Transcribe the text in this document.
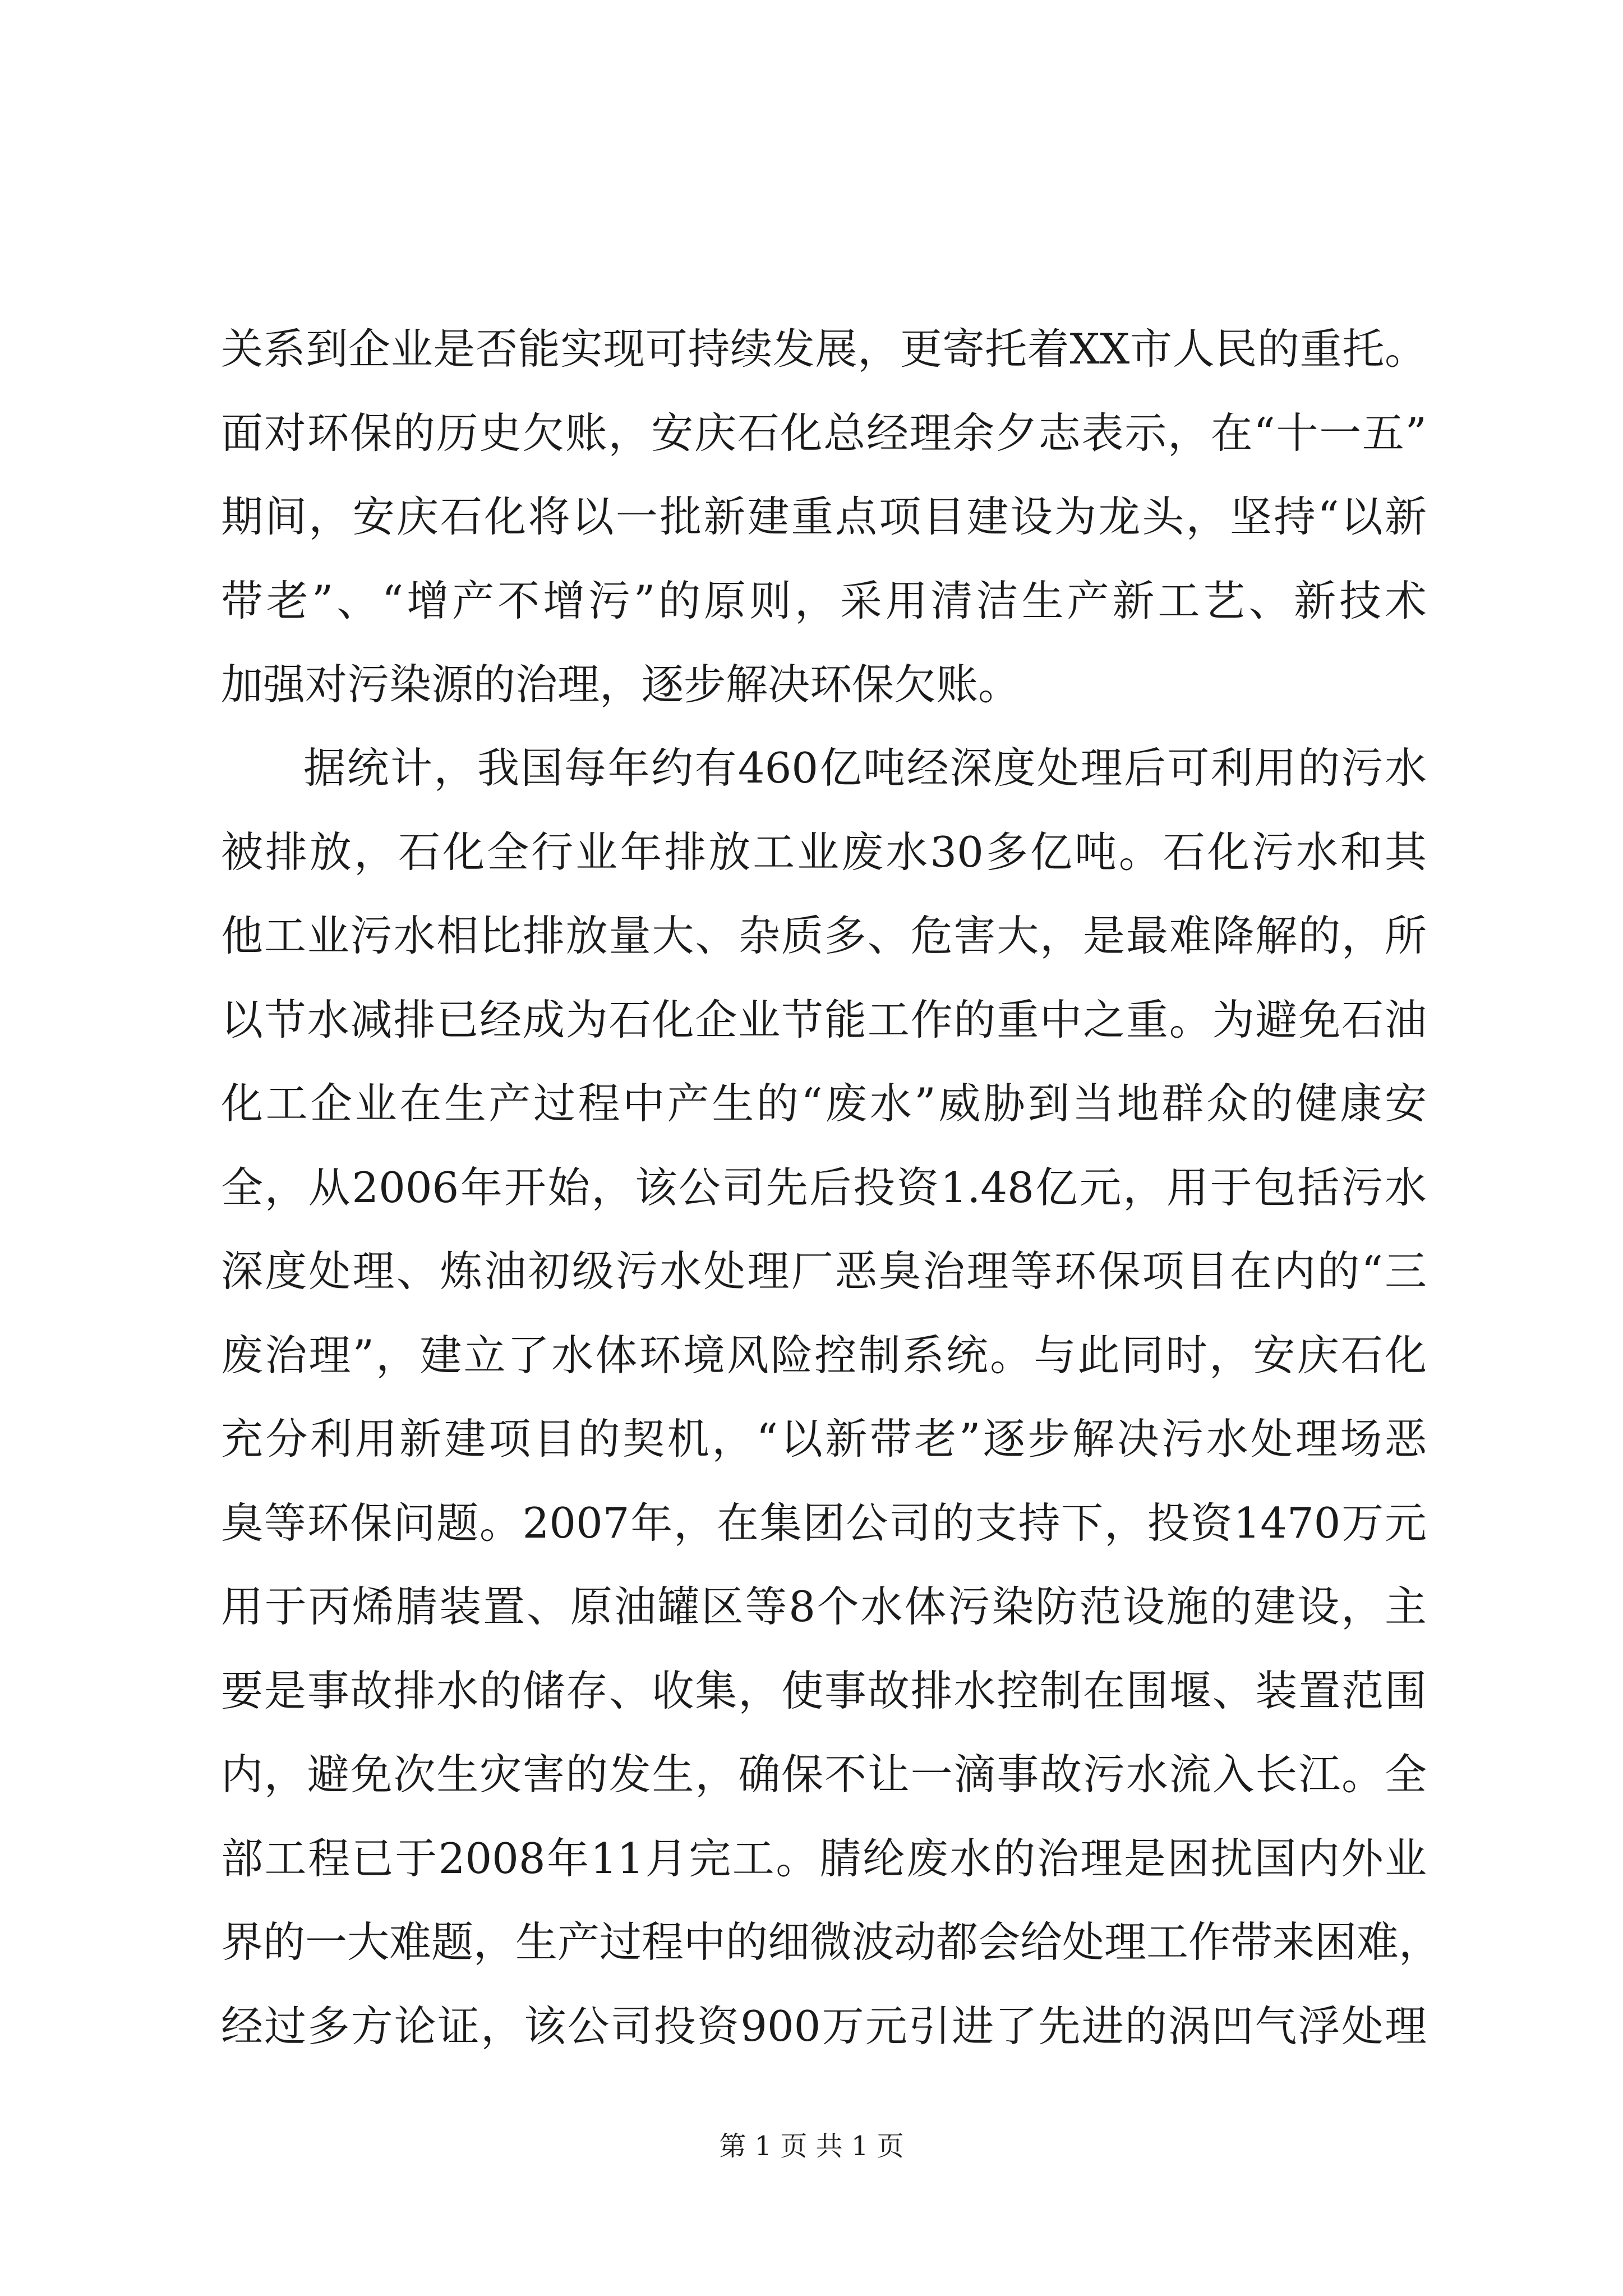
关系到企业是否能实现可持续发展，更寄托着XX市人民的重托。
面对环保的历史欠账，安庆石化总经理余夕志表示，在“十一五”
期间，安庆石化将以一批新建重点项目建设为龙头，坚持“以新
带老”、“增产不增污”的原则，采用清洁生产新工艺、新技术
加强对污染源的治理，逐步解决环保欠账。
据统计，我国每年约有460亿吨经深度处理后可利用的污水
被排放，石化全行业年排放工业废水30多亿吨。石化污水和其
他工业污水相比排放量大、杂质多、危害大，是最难降解的，所
以节水减排已经成为石化企业节能工作的重中之重。为避免石油
化工企业在生产过程中产生的“废水”威胁到当地群众的健康安
全，从2006年开始，该公司先后投资1.48亿元，用于包括污水
深度处理、炼油初级污水处理厂恶臭治理等环保项目在内的“三
废治理”，建立了水体环境风险控制系统。与此同时，安庆石化
充分利用新建项目的契机，“以新带老”逐步解决污水处理场恶
臭等环保问题。2007年，在集团公司的支持下，投资1470万元
用于丙烯腈装置、原油罐区等8个水体污染防范设施的建设，主
要是事故排水的储存、收集，使事故排水控制在围堰、装置范围
内，避免次生灾害的发生，确保不让一滴事故污水流入长江。全
部工程已于2008年11月完工。腈纶废水的治理是困扰国内外业
界的一大难题，生产过程中的细微波动都会给处理工作带来困难，
经过多方论证，该公司投资900万元引进了先进的涡凹气浮处理
第 1 页 共 1 页
